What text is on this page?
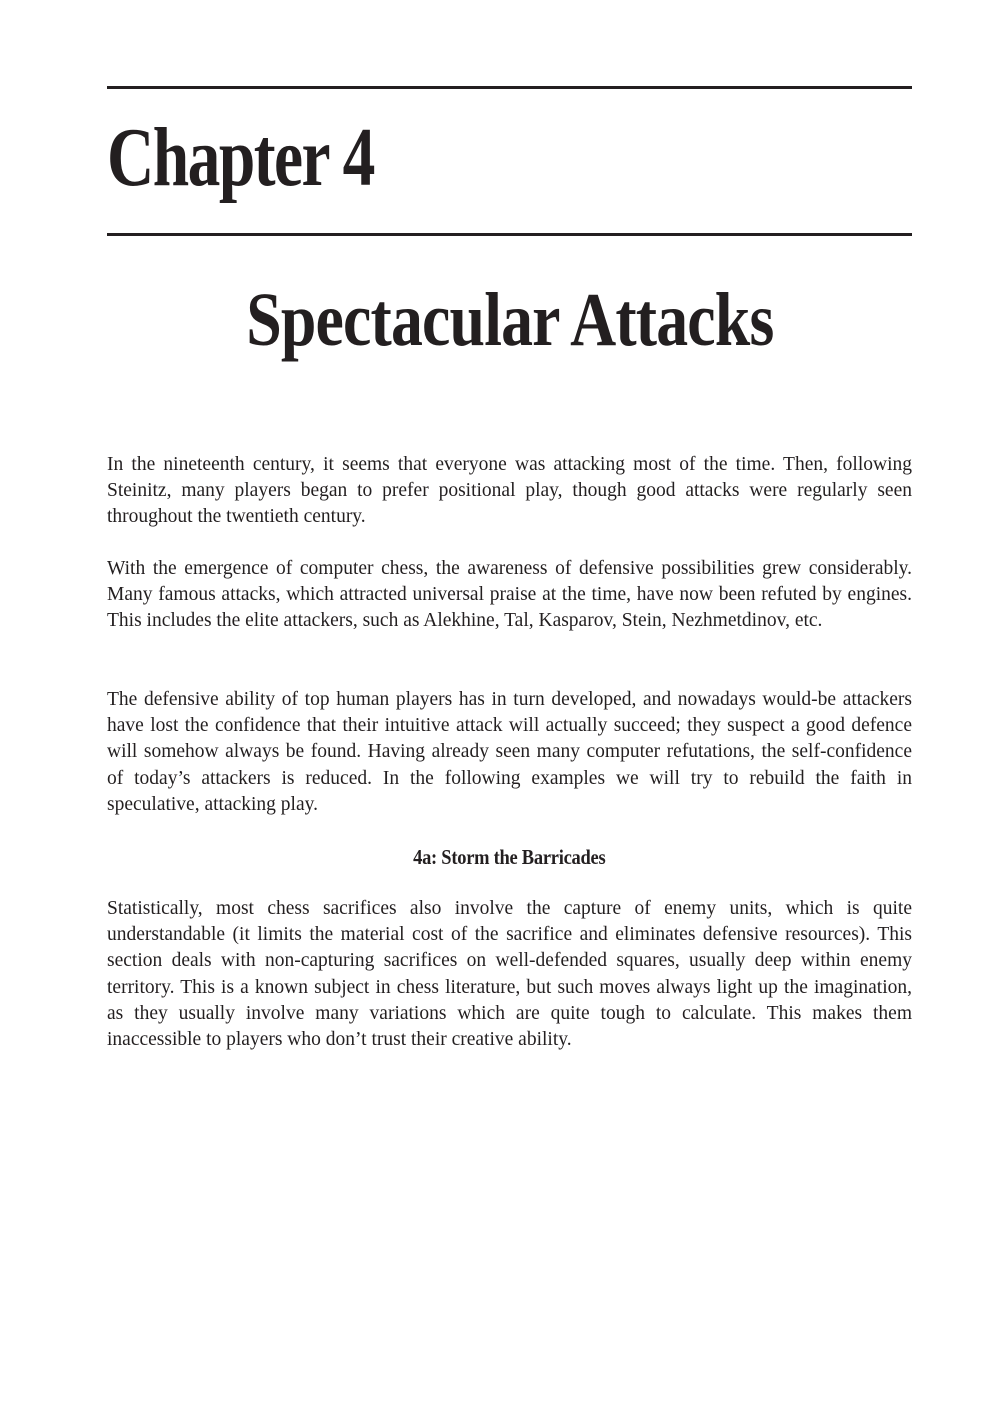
Chapter 4
Spectacular Attacks

In the nineteenth century, it seems that everyone was attacking most of the time. Then, following Steinitz, many players began to prefer positional play, though good attacks were regularly seen throughout the twentieth century.

With the emergence of computer chess, the awareness of defensive possibilities grew considerably. Many famous attacks, which attracted universal praise at the time, have now been refuted by engines. This includes the elite attackers, such as Alekhine, Tal, Kasparov, Stein, Nezhmetdinov, etc.

The defensive ability of top human players has in turn developed, and nowadays would-be attackers have lost the confidence that their intuitive attack will actually succeed; they suspect a good defence will somehow always be found. Having already seen many computer refutations, the self-confidence of today’s attackers is reduced. In the following examples we will try to rebuild the faith in speculative, attacking play.

4a: Storm the Barricades

Statistically, most chess sacrifices also involve the capture of enemy units, which is quite understandable (it limits the material cost of the sacrifice and eliminates defensive resources). This section deals with non-capturing sacrifices on well-defended squares, usually deep within enemy territory. This is a known subject in chess literature, but such moves always light up the imagination, as they usually involve many variations which are quite tough to calculate. This makes them inaccessible to players who don’t trust their creative ability.
